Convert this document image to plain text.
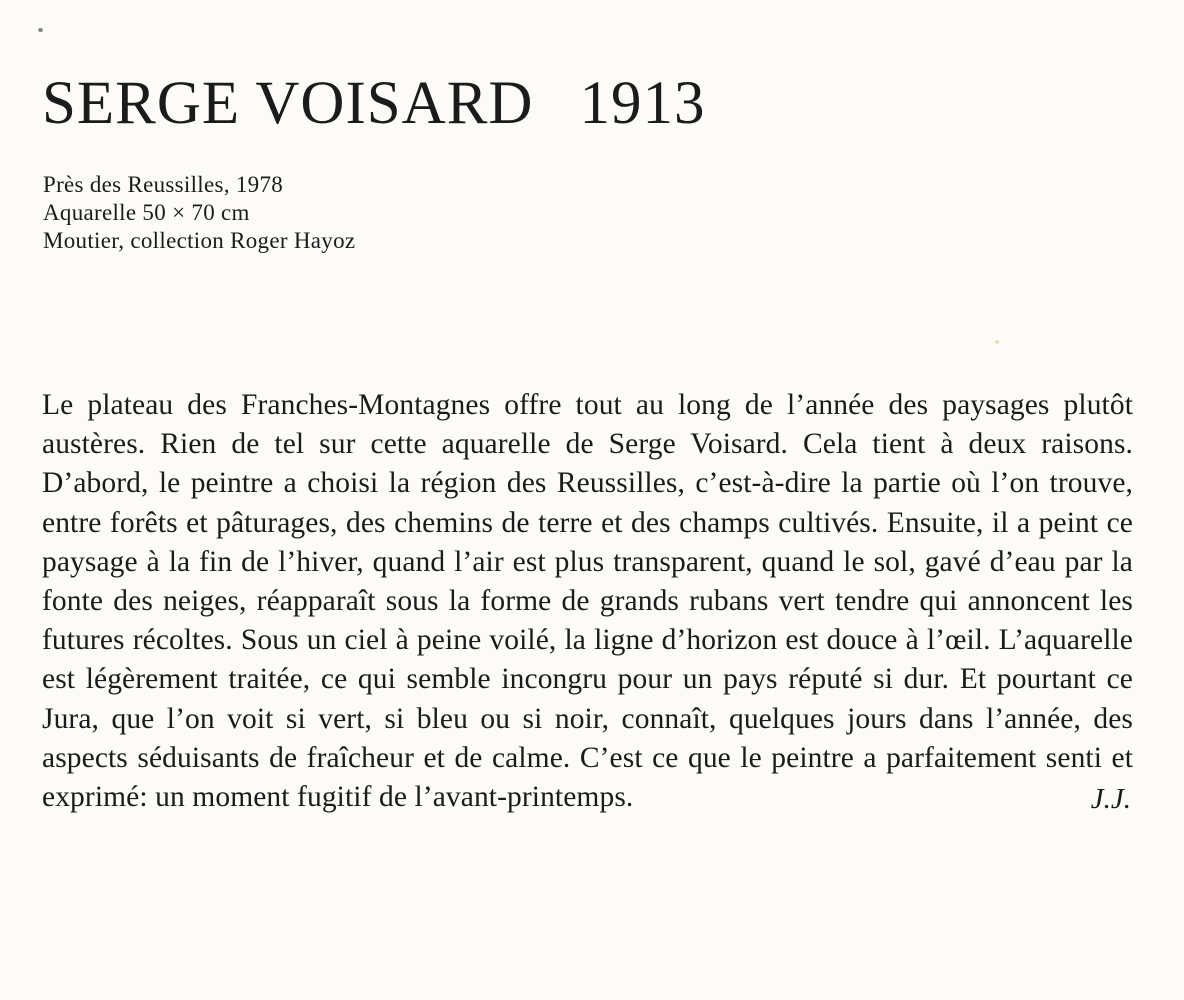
SERGE VOISARD 1913
Près des Reussilles, 1978
Aquarelle 50 × 70 cm
Moutier, collection Roger Hayoz

Le plateau des Franches-Montagnes offre tout au long de l’année des paysages plutôt austères. Rien de tel sur cette aquarelle de Serge Voisard. Cela tient à deux raisons. D’abord, le peintre a choisi la région des Reussilles, c’est-à-dire la partie où l’on trouve, entre forêts et pâturages, des chemins de terre et des champs cultivés. Ensuite, il a peint ce paysage à la fin de l’hiver, quand l’air est plus transparent, quand le sol, gavé d’eau par la fonte des neiges, réapparaît sous la forme de grands rubans vert tendre qui annoncent les futures récoltes. Sous un ciel à peine voilé, la ligne d’horizon est douce à l’œil. L’aquarelle est légèrement traitée, ce qui semble incongru pour un pays réputé si dur. Et pourtant ce Jura, que l’on voit si vert, si bleu ou si noir, connaît, quelques jours dans l’année, des aspects séduisants de fraîcheur et de calme. C’est ce que le peintre a parfaitement senti et exprimé: un moment fugitif de l’avant-printemps.	J.J.
